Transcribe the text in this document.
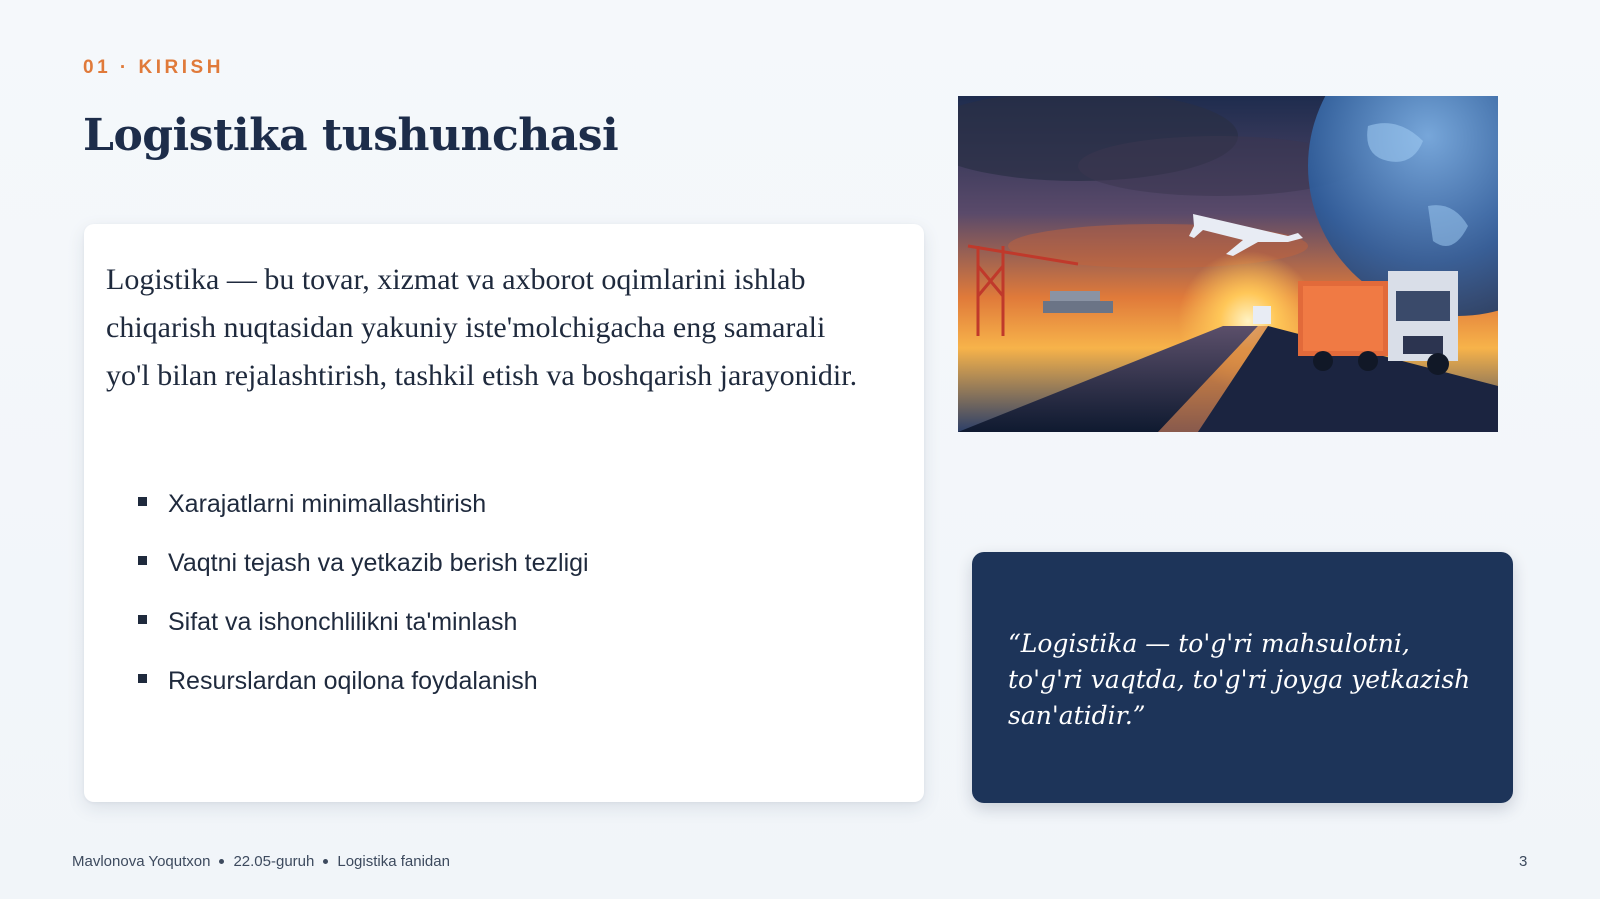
01 · KIRISH

Logistika tushunchasi

Logistika — bu tovar, xizmat va axborot oqimlarini ishlab chiqarish nuqtasidan yakuniy iste'molchigacha eng samarali yo'l bilan rejalashtirish, tashkil etish va boshqarish jarayonidir.

Xarajatlarni minimallashtirish
Vaqtni tejash va yetkazib berish tezligi
Sifat va ishonchlilikni ta'minlash
Resurslardan oqilona foydalanish

“Logistika — to'g'ri mahsulotni, to'g'ri vaqtda, to'g'ri joyga yetkazish san'atidir.”

Mavlonova Yoqutxon 22.05-guruh Logistika fanidan	3
